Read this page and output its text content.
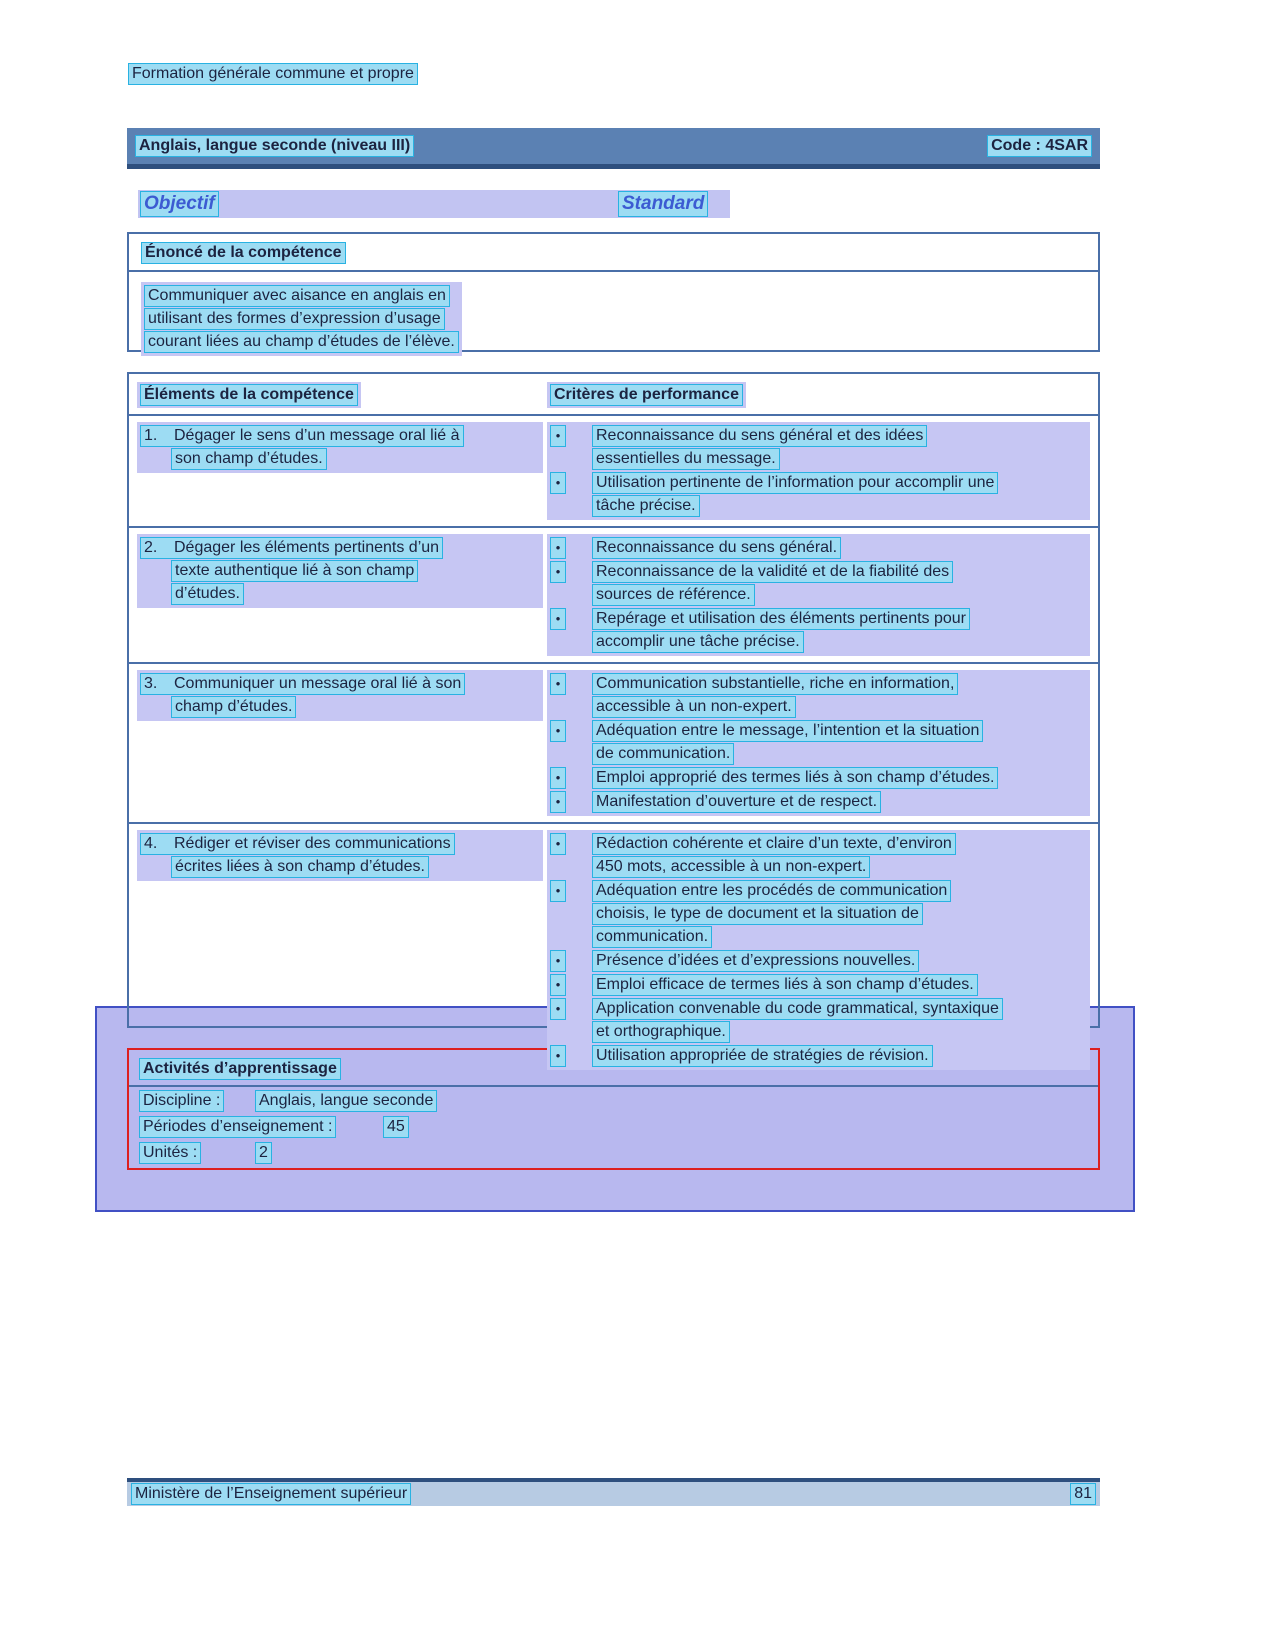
Formation générale commune et propre
Anglais, langue seconde (niveau III)	Code : 4SAR
Objectif	Standard
Énoncé de la compétence
Communiquer avec aisance en anglais en
utilisant des formes d’expression d’usage
courant liées au champ d’études de l’élève.
Activités d’apprentissage
Discipline : Anglais, langue seconde
Périodes d’enseignement :	45
Unités :	2
Éléments de la compétence	Critères de performance
1. Dégager le sens d’un message oral lié à
son champ d’études.
•	Reconnaissance du sens général et des idées
essentielles du message.
•	Utilisation pertinente de l’information pour accomplir une
tâche précise.
2. Dégager les éléments pertinents d’un
texte authentique lié à son champ
d’études.
•	Reconnaissance du sens général.
•	Reconnaissance de la validité et de la fiabilité des
sources de référence.
•	Repérage et utilisation des éléments pertinents pour
accomplir une tâche précise.
3. Communiquer un message oral lié à son
champ d’études.
•	Communication substantielle, riche en information,
accessible à un non-expert.
•	Adéquation entre le message, l’intention et la situation
de communication.
•	Emploi approprié des termes liés à son champ d’études.
•	Manifestation d’ouverture et de respect.
4. Rédiger et réviser des communications
écrites liées à son champ d’études.
•	Rédaction cohérente et claire d’un texte, d’environ
450 mots, accessible à un non-expert.
•	Adéquation entre les procédés de communication
choisis, le type de document et la situation de
communication.
•	Présence d’idées et d’expressions nouvelles.
•	Emploi efficace de termes liés à son champ d’études.
•	Application convenable du code grammatical, syntaxique
et orthographique.
•	Utilisation appropriée de stratégies de révision.
Ministère de l’Enseignement supérieur	81
